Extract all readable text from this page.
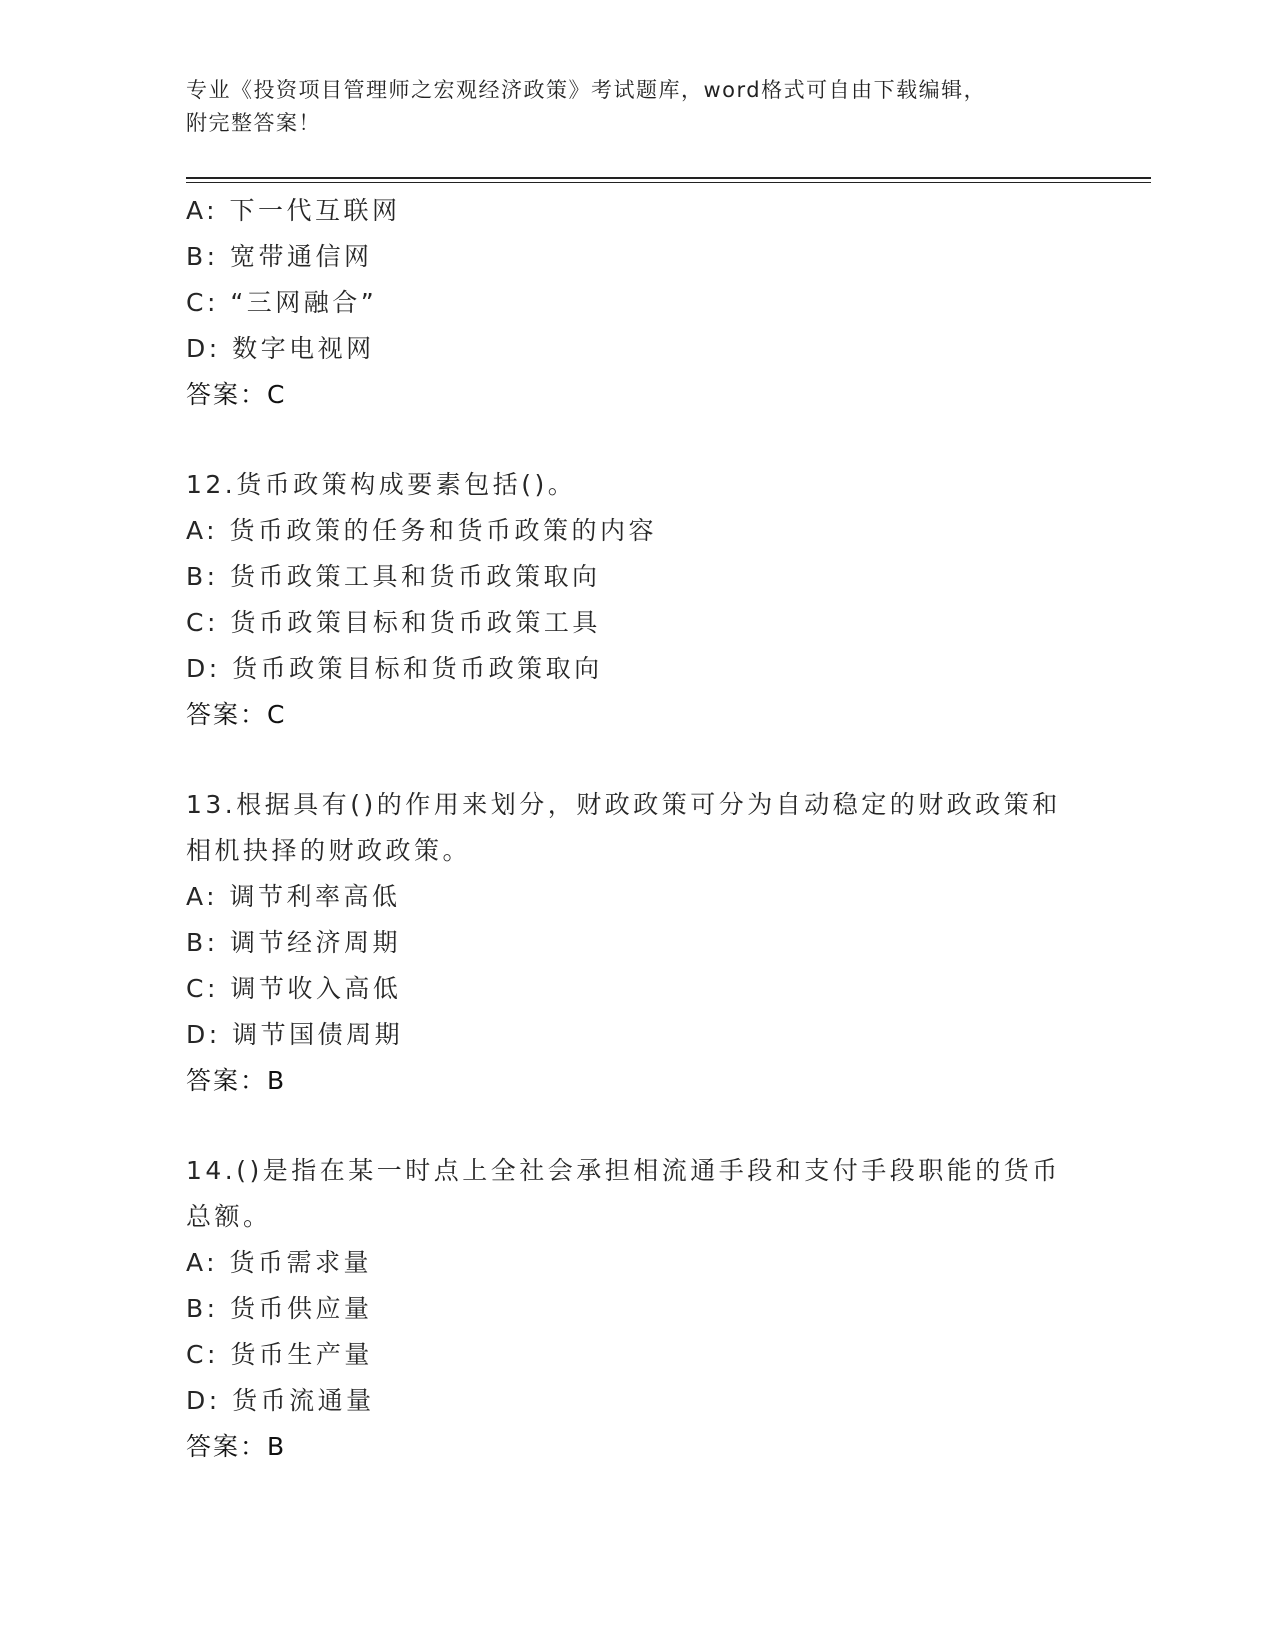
专业《投资项目管理师之宏观经济政策》考试题库，word格式可自由下载编辑，
附完整答案！
A: 下一代互联网
B: 宽带通信网
C: “三网融合”
D: 数字电视网
答案：C
12.货币政策构成要素包括()。
A: 货币政策的任务和货币政策的内容
B: 货币政策工具和货币政策取向
C: 货币政策目标和货币政策工具
D: 货币政策目标和货币政策取向
答案：C
13.根据具有()的作用来划分，财政政策可分为自动稳定的财政政策和
相机抉择的财政政策。
A: 调节利率高低
B: 调节经济周期
C: 调节收入高低
D: 调节国债周期
答案：B
14.()是指在某一时点上全社会承担相流通手段和支付手段职能的货币
总额。
A: 货币需求量
B: 货币供应量
C: 货币生产量
D: 货币流通量
答案：B
